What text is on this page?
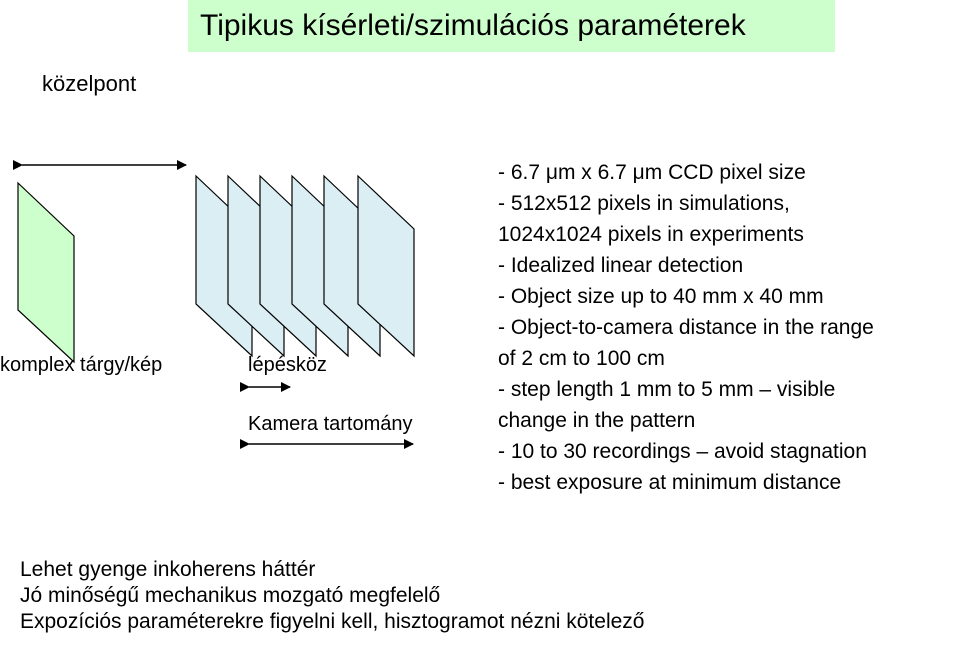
Tipikus kísérleti/szimulációs paraméterek
közelpont
komplex tárgy/kép	lépésköz
Kamera tartomány
- 6.7 μm x 6.7 μm CCD pixel size
- 512x512 pixels in simulations,
1024x1024 pixels in experiments
- Idealized linear detection
- Object size up to 40 mm x 40 mm
- Object-to-camera distance in the range
of 2 cm to 100 cm
- step length 1 mm to 5 mm – visible
change in the pattern
- 10 to 30 recordings – avoid stagnation
- best exposure at minimum distance
Lehet gyenge inkoherens háttér
Jó minőségű mechanikus mozgató megfelelő
Expozíciós paraméterekre figyelni kell, hisztogramot nézni kötelező
